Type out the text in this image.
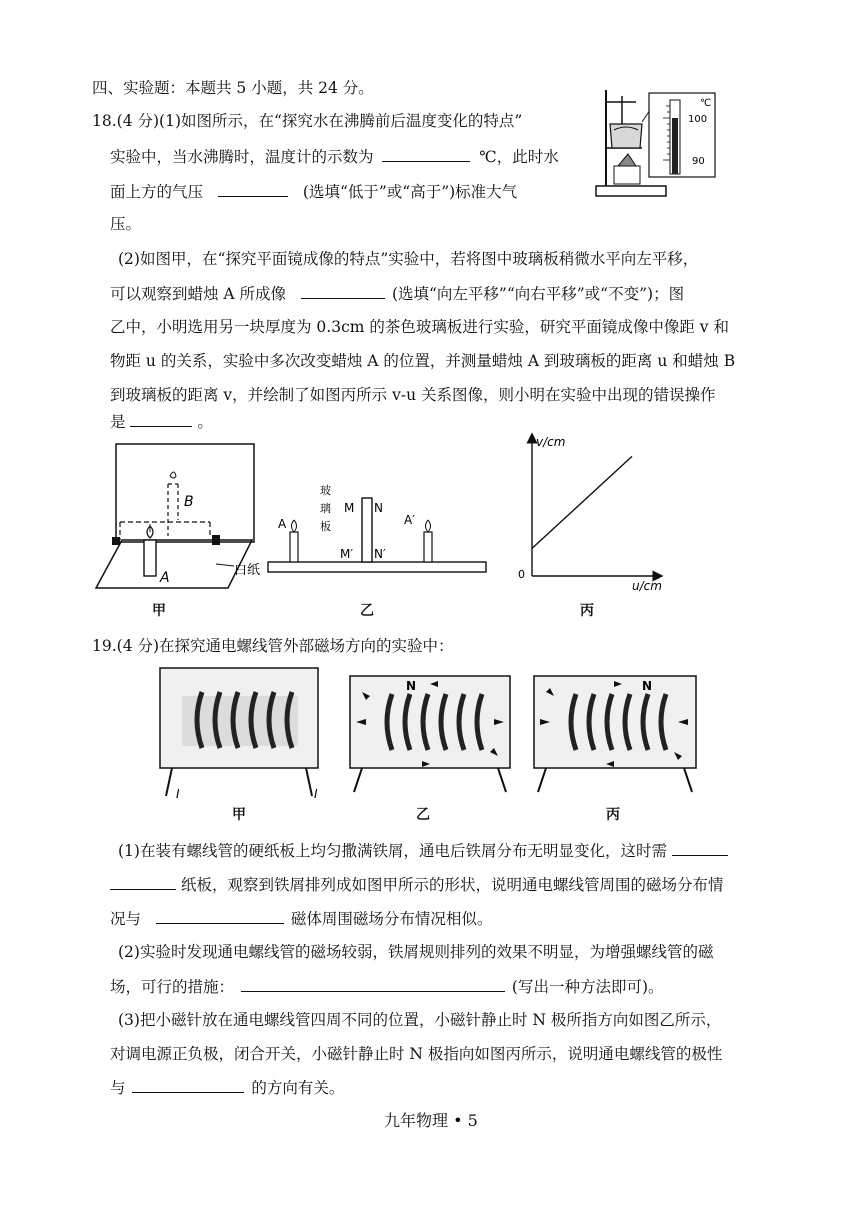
四、实验题：本题共 5 小题，共 24 分。
18.(4 分)(1)如图所示，在“探究水在沸腾前后温度变化的特点”
实验中，当水沸腾时，温度计的示数为	℃，此时水
面上方的气压	(选填“低于”或“高于”)标准大气
压。
℃
100
90
(2)如图甲，在“探究平面镜成像的特点”实验中，若将图中玻璃板稍微水平向左平移，
可以观察到蜡烛 A 所成像	(选填“向左平移”“向右平移”或“不变”)；图
乙中，小明选用另一块厚度为 0.3cm 的茶色玻璃板进行实验，研究平面镜成像中像距 v 和
物距 u 的关系，实验中多次改变蜡烛 A 的位置，并测量蜡烛 A 到玻璃板的距离 u 和蜡烛 B
到玻璃板的距离 v，并绘制了如图丙所示 v-u 关系图像，则小明在实验中出现的错误操作
是	。
B
A	白纸
甲
玻
璃
板
M N
M′ N′
A	A′
乙
v/cm
u/cm
0
丙
19.(4 分)在探究通电螺线管外部磁场方向的实验中：
I	I
甲
N
乙
N
丙
(1)在装有螺线管的硬纸板上均匀撒满铁屑，通电后铁屑分布无明显变化，这时需
纸板，观察到铁屑排列成如图甲所示的形状，说明通电螺线管周围的磁场分布情
况与	磁体周围磁场分布情况相似。
(2)实验时发现通电螺线管的磁场较弱，铁屑规则排列的效果不明显，为增强螺线管的磁
场，可行的措施：	(写出一种方法即可)。
(3)把小磁针放在通电螺线管四周不同的位置，小磁针静止时 N 极所指方向如图乙所示，
对调电源正负极，闭合开关，小磁针静止时 N 极指向如图丙所示，说明通电螺线管的极性
与	的方向有关。
九年物理 • 5
